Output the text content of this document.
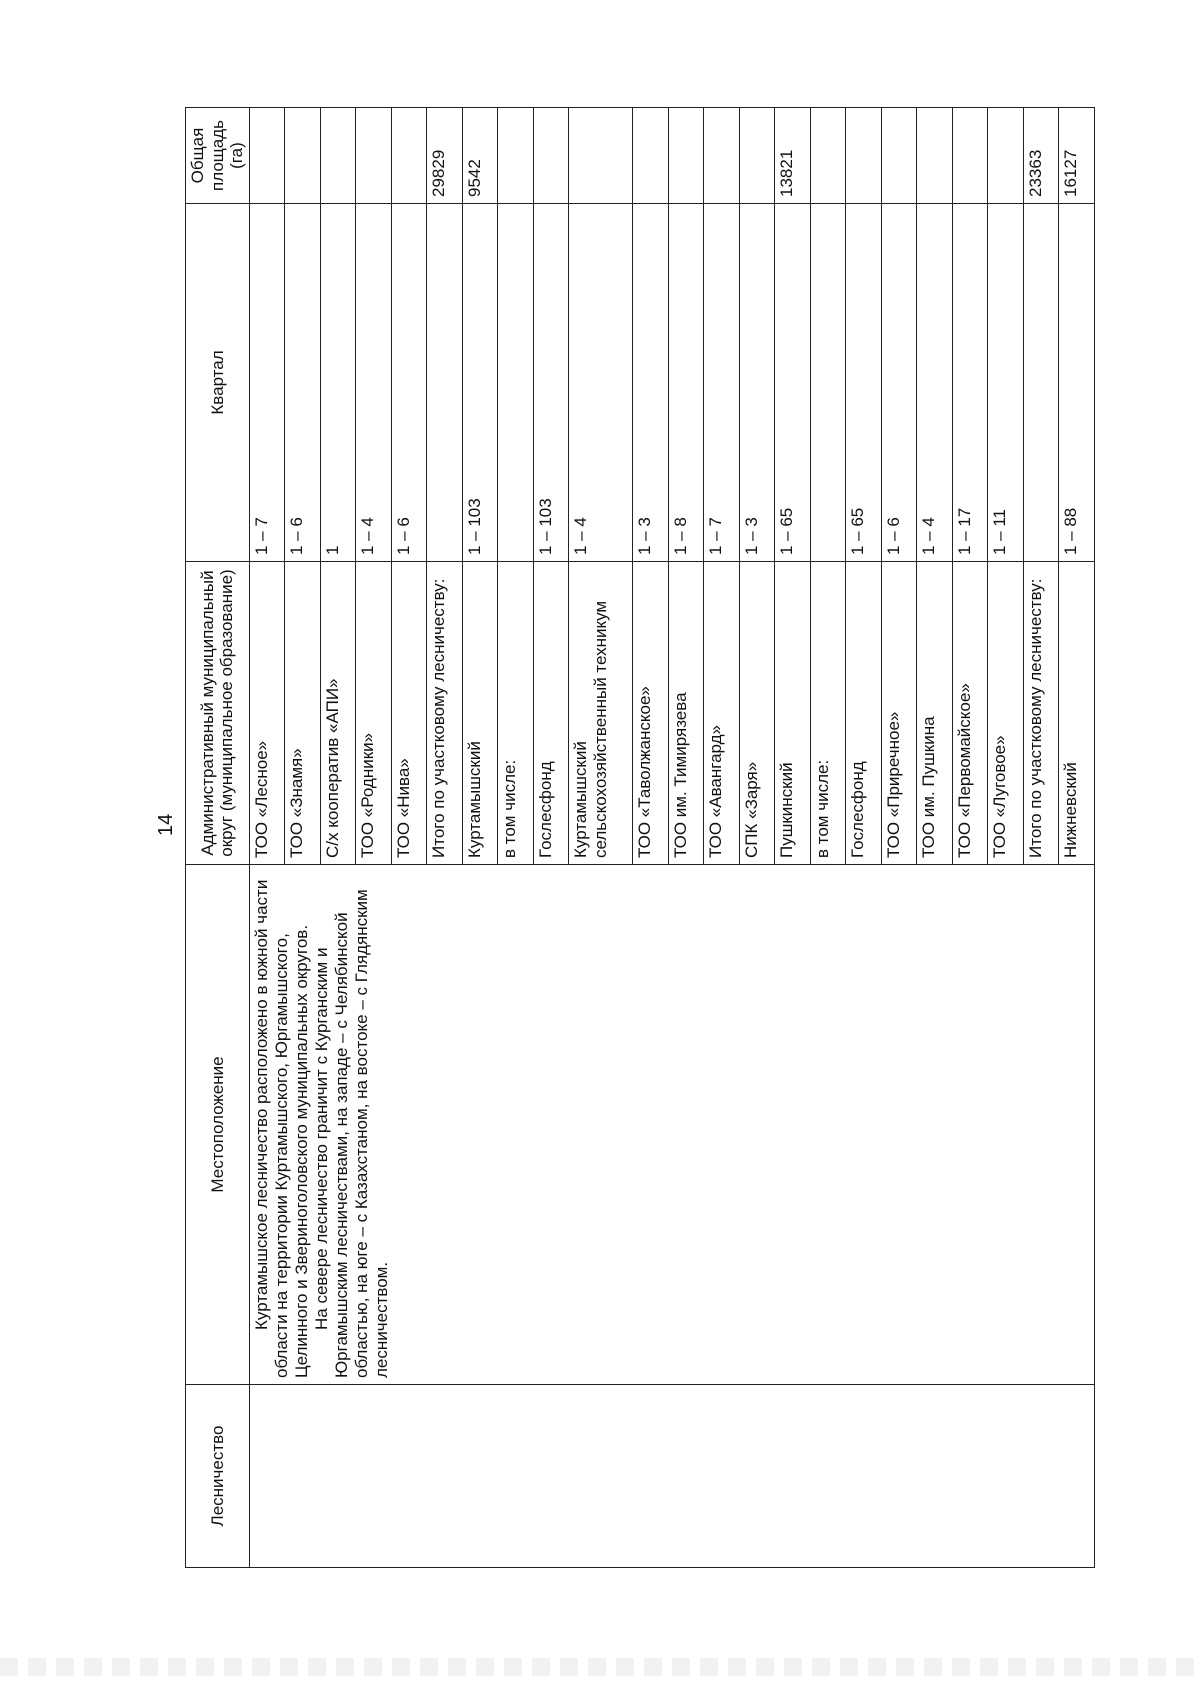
14
Лесничество	Местоположение	Административный муниципальный округ (муниципальное образование)	Квартал	Общая площадь (га)

	Куртамышское лесничество расположено в южной части области на территории Куртамышского, Юргамышского, Целинного и Звериноголовского муниципальных округов. На севере лесничество граничит с Курганским и Юргамышским лесничествами, на западе – с Челябинской областью, на юге – с Казахстаном, на востоке – с Глядянским лесничеством.	ТОО «Лесное»	1 – 7	
		ТОО «Знамя»	1 – 6	
		С/х кооператив «АПИ»	1	
		ТОО «Родники»	1 – 4	
		ТОО «Нива»	1 – 6	
		Итого по участковому лесничеству:		29829
		Куртамышский	1 – 103	9542
		в том числе:		
		Гослесфонд	1 – 103	
		Куртамышский сельскохозяйственный техникум	1 – 4	
		ТОО «Таволжанское»	1 – 3	
		ТОО им. Тимирязева	1 – 8	
		ТОО «Авангард»	1 – 7	
		СПК «Заря»	1 – 3	
		Пушкинский	1 – 65	13821
		в том числе:		
		Гослесфонд	1 – 65	
		ТОО «Приречное»	1 – 6	
		ТОО им. Пушкина	1 – 4	
		ТОО «Первомайское»	1 – 17	
		ТОО «Луговое»	1 – 11	
		Итого по участковому лесничеству:		23363
		Нижневский	1 – 88	16127
